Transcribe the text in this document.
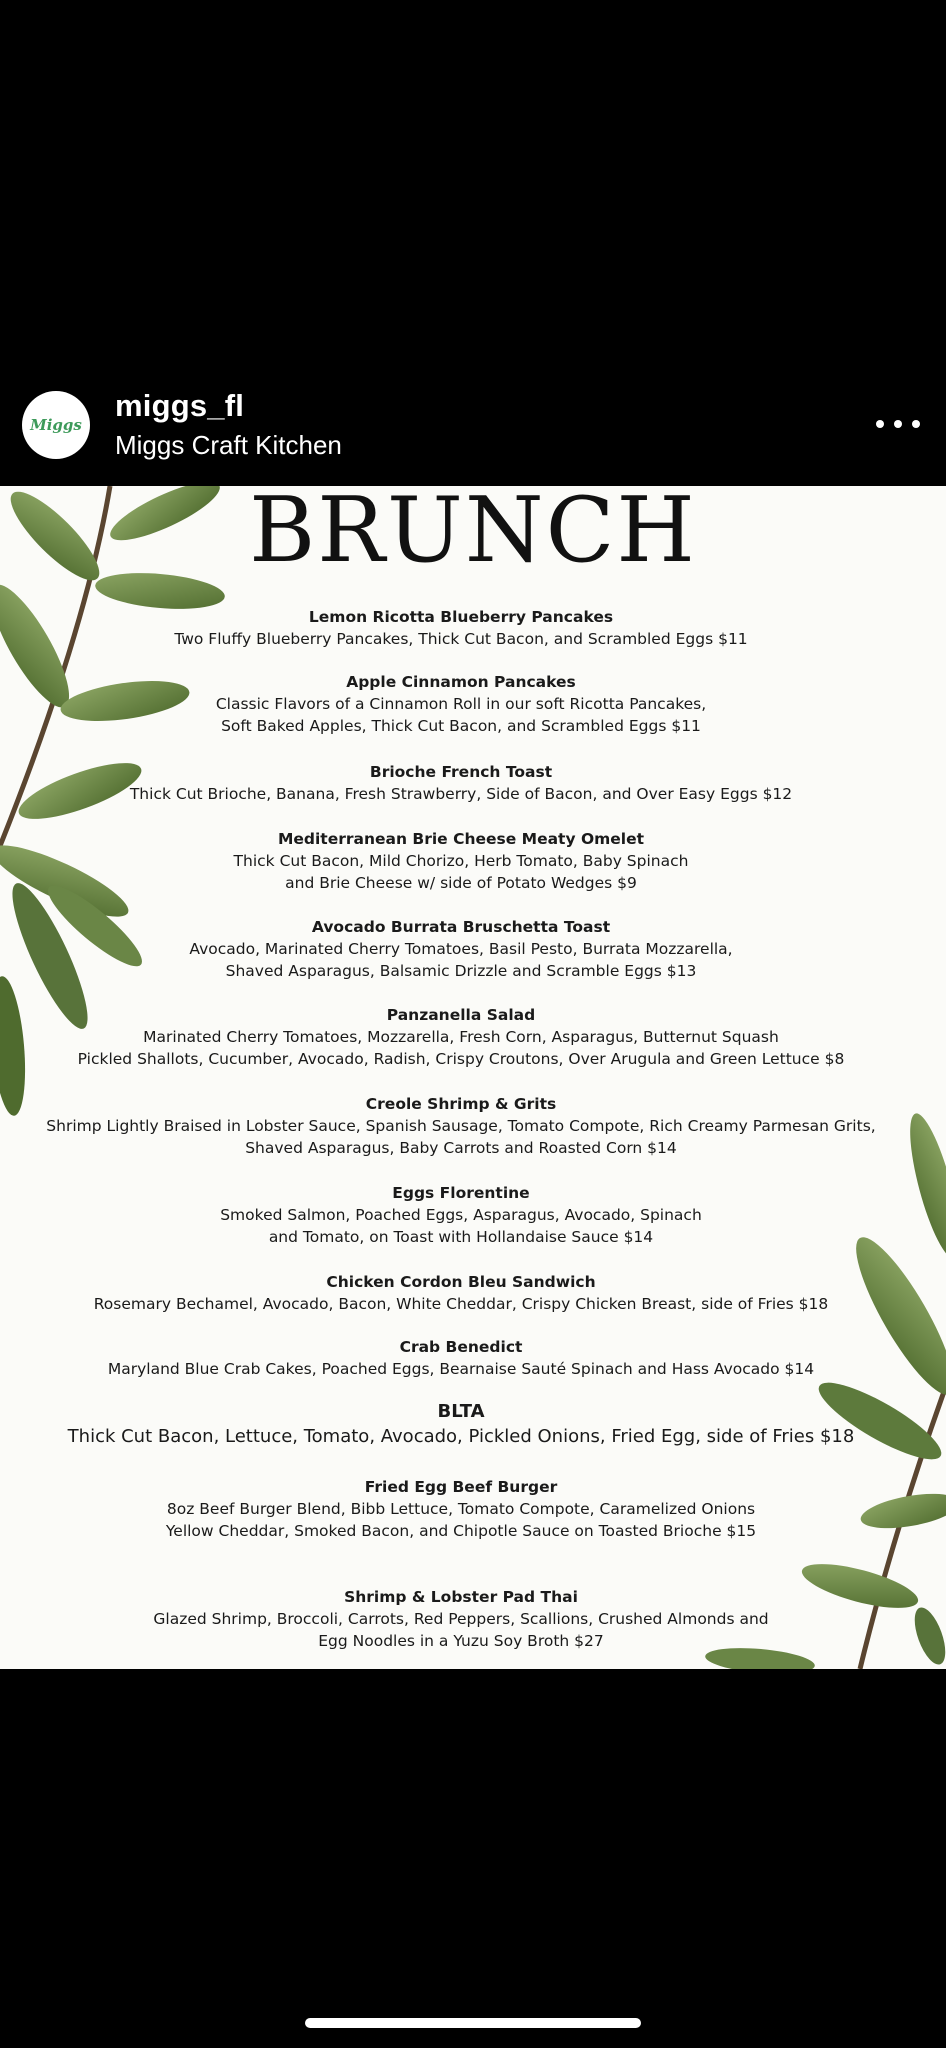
Miggs
miggs_fl
Miggs Craft Kitchen
BRUNCH
Lemon Ricotta Blueberry Pancakes
Two Fluffy Blueberry Pancakes, Thick Cut Bacon, and Scrambled Eggs $11
Apple Cinnamon Pancakes
Classic Flavors of a Cinnamon Roll in our soft Ricotta Pancakes,
Soft Baked Apples, Thick Cut Bacon, and Scrambled Eggs $11
Brioche French Toast
Thick Cut Brioche, Banana, Fresh Strawberry, Side of Bacon, and Over Easy Eggs $12
Mediterranean Brie Cheese Meaty Omelet
Thick Cut Bacon, Mild Chorizo, Herb Tomato, Baby Spinach
and Brie Cheese w/ side of Potato Wedges $9
Avocado Burrata Bruschetta Toast
Avocado, Marinated Cherry Tomatoes, Basil Pesto, Burrata Mozzarella,
Shaved Asparagus, Balsamic Drizzle and Scramble Eggs $13
Panzanella Salad
Marinated Cherry Tomatoes, Mozzarella, Fresh Corn, Asparagus, Butternut Squash
Pickled Shallots, Cucumber, Avocado, Radish, Crispy Croutons, Over Arugula and Green Lettuce $8
Creole Shrimp & Grits
Shrimp Lightly Braised in Lobster Sauce, Spanish Sausage, Tomato Compote, Rich Creamy Parmesan Grits,
Shaved Asparagus, Baby Carrots and Roasted Corn $14
Eggs Florentine
Smoked Salmon, Poached Eggs, Asparagus, Avocado, Spinach
and Tomato, on Toast with Hollandaise Sauce $14
Chicken Cordon Bleu Sandwich
Rosemary Bechamel, Avocado, Bacon, White Cheddar, Crispy Chicken Breast, side of Fries $18
Crab Benedict
Maryland Blue Crab Cakes, Poached Eggs, Bearnaise Sauté Spinach and Hass Avocado $14
BLTA
Thick Cut Bacon, Lettuce, Tomato, Avocado, Pickled Onions, Fried Egg, side of Fries $18
Fried Egg Beef Burger
8oz Beef Burger Blend, Bibb Lettuce, Tomato Compote, Caramelized Onions
Yellow Cheddar, Smoked Bacon, and Chipotle Sauce on Toasted Brioche $15
Shrimp & Lobster Pad Thai
Glazed Shrimp, Broccoli, Carrots, Red Peppers, Scallions, Crushed Almonds and
Egg Noodles in a Yuzu Soy Broth $27
